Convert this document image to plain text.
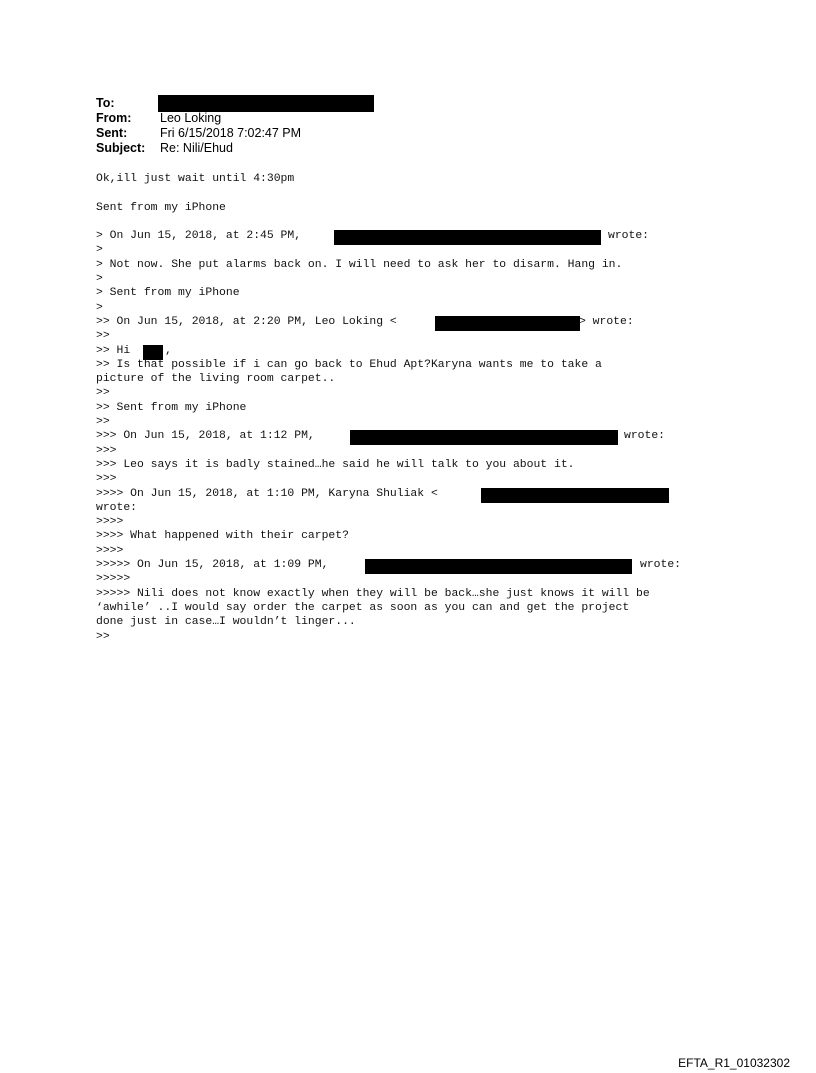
To:
From: Leo Loking
Sent:	Fri 6/15/2018 7:02:47 PM
Subject: Re: Nili/Ehud
Ok,ill just wait until 4:30pm
Sent from my iPhone
> On Jun 15, 2018, at 2:45 PM,	wrote:
>
> Not now. She put alarms back on. I will need to ask her to disarm. Hang in.
>
> Sent from my iPhone
>
>> On Jun 15, 2018, at 2:20 PM, Leo Loking <	> wrote:
>>
>> Hi	,
>> Is that possible if i can go back to Ehud Apt?Karyna wants me to take a
picture of the living room carpet..
>>
>> Sent from my iPhone
>>
>>> On Jun 15, 2018, at 1:12 PM,	wrote:
>>>
>>> Leo says it is badly stained…he said he will talk to you about it.
>>>
>>>> On Jun 15, 2018, at 1:10 PM, Karyna Shuliak <
wrote:
>>>>
>>>> What happened with their carpet?
>>>>
>>>>> On Jun 15, 2018, at 1:09 PM,	wrote:
>>>>>
>>>>> Nili does not know exactly when they will be back…she just knows it will be
‘awhile’ ..I would say order the carpet as soon as you can and get the project
done just in case…I wouldn’t linger...
>>
EFTA_R1_01032302
